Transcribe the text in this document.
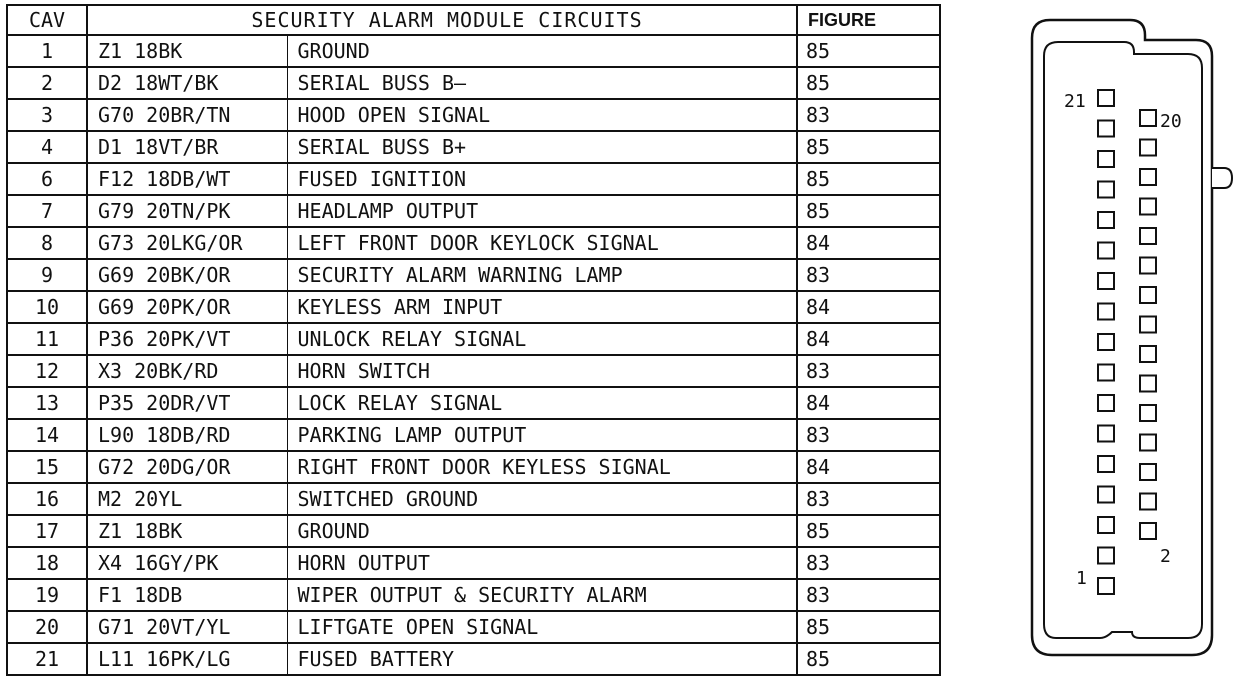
CAV	SECURITY ALARM MODULE CIRCUITS		FIGURE
1	Z1 18BK	GROUND	85
2	D2 18WT/BK	SERIAL BUSS B—	85
3	G70 20BR/TN	HOOD OPEN SIGNAL	83
4	D1 18VT/BR	SERIAL BUSS B+	85
6	F12 18DB/WT	FUSED IGNITION	85
7	G79 20TN/PK	HEADLAMP OUTPUT	85
8	G73 20LKG/OR	LEFT FRONT DOOR KEYLOCK SIGNAL	84
9	G69 20BK/OR	SECURITY ALARM WARNING LAMP	83
10	G69 20PK/OR	KEYLESS ARM INPUT	84
11	P36 20PK/VT	UNLOCK RELAY SIGNAL	84
12	X3 20BK/RD	HORN SWITCH	83
13	P35 20DR/VT	LOCK RELAY SIGNAL	84
14	L90 18DB/RD	PARKING LAMP OUTPUT	83
15	G72 20DG/OR	RIGHT FRONT DOOR KEYLESS SIGNAL	84
16	M2 20YL	SWITCHED GROUND	83
17	Z1 18BK	GROUND	85
18	X4 16GY/PK	HORN OUTPUT	83
19	F1 18DB	WIPER OUTPUT & SECURITY ALARM	83
20	G71 20VT/YL	LIFTGATE OPEN SIGNAL	85
21	L11 16PK/LG	FUSED BATTERY	85
21
20
2
1
